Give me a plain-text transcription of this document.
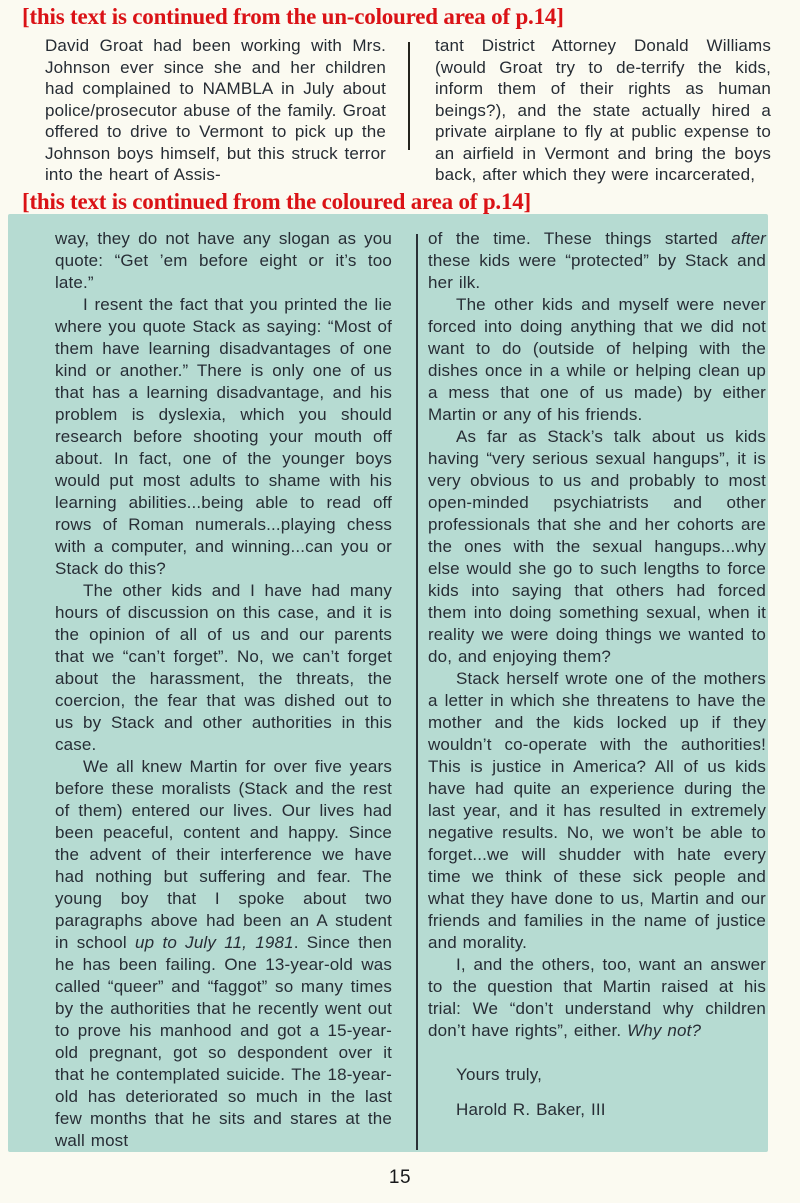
[this text is continued from the un-coloured area of p.14]

David Groat had been working with Mrs. Johnson ever since she and her children had complained to NAMBLA in July about police/prosecutor abuse of the family. Groat offered to drive to Vermont to pick up the Johnson boys himself, but this struck terror into the heart of Assis-

tant District Attorney Donald Williams (would Groat try to de-terrify the kids, inform them of their rights as human beings?), and the state actually hired a private airplane to fly at public expense to an airfield in Vermont and bring the boys back, after which they were incarcerated,

[this text is continued from the coloured area of p.14]

way, they do not have any slogan as you quote: “Get ’em before eight or it’s too late.”

I resent the fact that you printed the lie where you quote Stack as saying: “Most of them have learning disadvantages of one kind or another.” There is only one of us that has a learning disadvantage, and his problem is dyslexia, which you should research before shooting your mouth off about. In fact, one of the younger boys would put most adults to shame with his learning abilities...being able to read off rows of Roman numerals...playing chess with a computer, and winning...can you or Stack do this?

The other kids and I have had many hours of discussion on this case, and it is the opinion of all of us and our parents that we “can’t forget”. No, we can’t forget about the harassment, the threats, the coercion, the fear that was dished out to us by Stack and other authorities in this case.

We all knew Martin for over five years before these moralists (Stack and the rest of them) entered our lives. Our lives had been peaceful, content and happy. Since the advent of their interference we have had nothing but suffering and fear. The young boy that I spoke about two paragraphs above had been an A student in school up to July 11, 1981. Since then he has been failing. One 13-year-old was called “queer” and “faggot” so many times by the authorities that he recently went out to prove his manhood and got a 15-year-old pregnant, got so despondent over it that he contemplated suicide. The 18-year-old has deteriorated so much in the last few months that he sits and stares at the wall most

of the time. These things started after these kids were “protected” by Stack and her ilk.

The other kids and myself were never forced into doing anything that we did not want to do (outside of helping with the dishes once in a while or helping clean up a mess that one of us made) by either Martin or any of his friends.

As far as Stack’s talk about us kids having “very serious sexual hangups”, it is very obvious to us and probably to most open-minded psychiatrists and other professionals that she and her cohorts are the ones with the sexual hangups...why else would she go to such lengths to force kids into saying that others had forced them into doing something sexual, when it reality we were doing things we wanted to do, and enjoying them?

Stack herself wrote one of the mothers a letter in which she threatens to have the mother and the kids locked up if they wouldn’t co-operate with the authorities! This is justice in America? All of us kids have had quite an experience during the last year, and it has resulted in extremely negative results. No, we won’t be able to forget...we will shudder with hate every time we think of these sick people and what they have done to us, Martin and our friends and families in the name of justice and morality.

I, and the others, too, want an answer to the question that Martin raised at his trial: We “don’t understand why children don’t have rights”, either. Why not?

Yours truly,

Harold R. Baker, III

15
